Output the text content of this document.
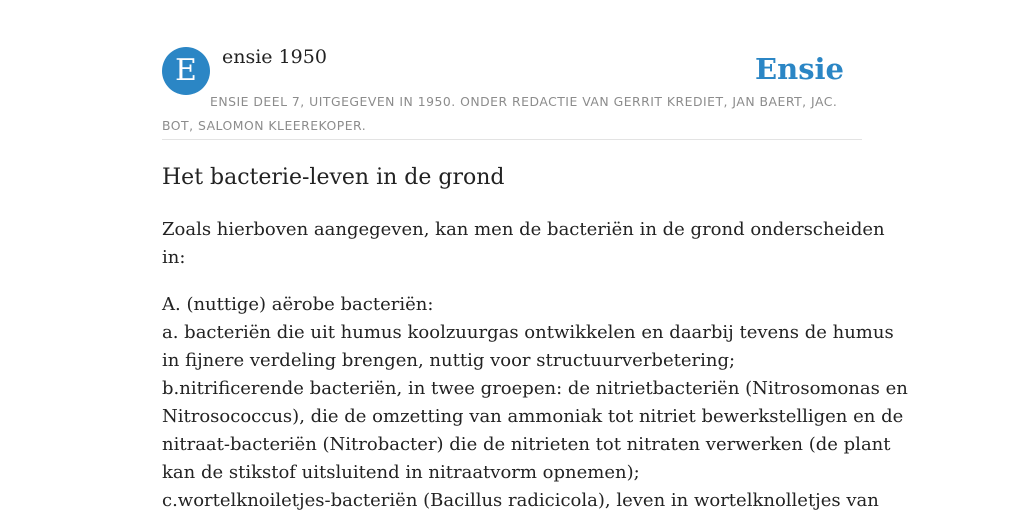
E	ensie 1950	Ensie
ENSIE DEEL 7, UITGEGEVEN IN 1950. ONDER REDACTIE VAN GERRIT KREDIET, JAN BAERT, JAC. BOT, SALOMON KLEEREKOPER.
Het bacterie-leven in de grond

Zoals hierboven aangegeven, kan men de bacteriën in de grond onderscheiden
in:

A. (nuttige) aërobe bacteriën:
a. bacteriën die uit humus koolzuurgas ontwikkelen en daarbij tevens de humus
in fijnere verdeling brengen, nuttig voor structuurverbetering;
b.nitrificerende bacteriën, in twee groepen: de nitrietbacteriën (Nitrosomonas en
Nitrosococcus), die de omzetting van ammoniak tot nitriet bewerkstelligen en de
nitraat-bacteriën (Nitrobacter) die de nitrieten tot nitraten verwerken (de plant
kan de stikstof uitsluitend in nitraatvorm opnemen);
c.wortelknoiletjes-bacteriën (Bacillus radicicola), leven in wortelknolletjes van
